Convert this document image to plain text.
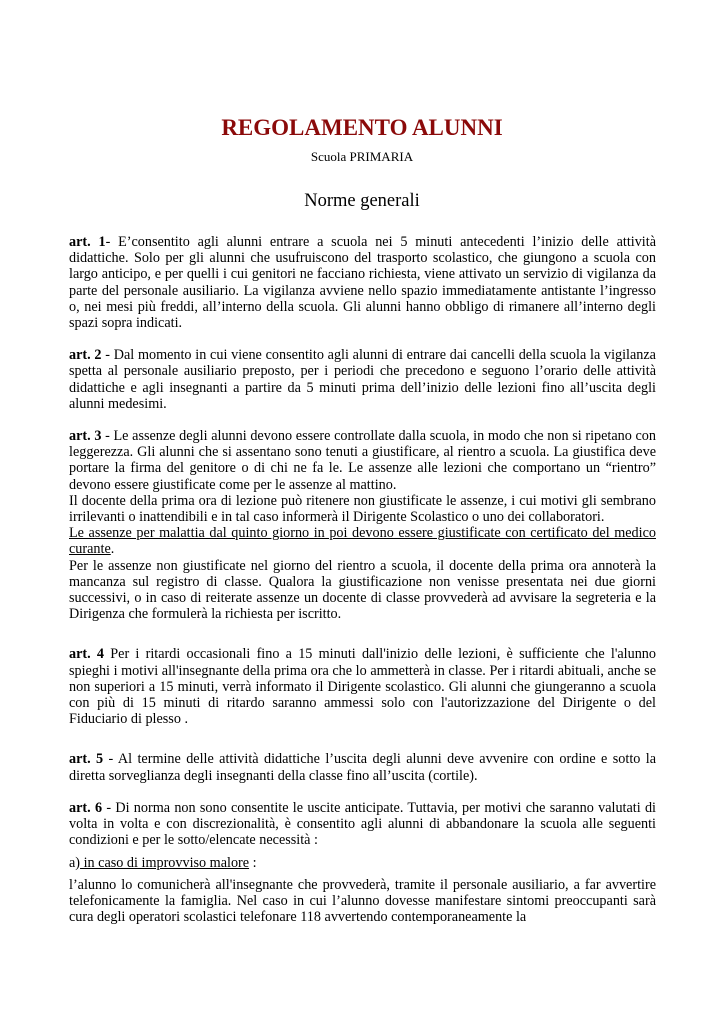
REGOLAMENTO ALUNNI
Scuola PRIMARIA
Norme generali

art. 1- E’consentito agli alunni entrare a scuola nei 5 minuti antecedenti l’inizio delle attività didattiche. Solo per gli alunni che usufruiscono del trasporto scolastico, che giungono a scuola con largo anticipo, e per quelli i cui genitori ne facciano richiesta, viene attivato un servizio di vigilanza da parte del personale ausiliario. La vigilanza avviene nello spazio immediatamente antistante l’ingresso o, nei mesi più freddi, all’interno della scuola. Gli alunni hanno obbligo di rimanere all’interno degli spazi sopra indicati.

art. 2 - Dal momento in cui viene consentito agli alunni di entrare dai cancelli della scuola la vigilanza spetta al personale ausiliario preposto, per i periodi che precedono e seguono l’orario delle attività didattiche e agli insegnanti a partire da 5 minuti prima dell’inizio delle lezioni fino all’uscita degli alunni medesimi.

art. 3 - Le assenze degli alunni devono essere controllate dalla scuola, in modo che non si ripetano con leggerezza. Gli alunni che si assentano sono tenuti a giustificare, al rientro a scuola. La giustifica deve portare la firma del genitore o di chi ne fa le. Le assenze alle lezioni che comportano un “rientro” devono essere giustificate come per le assenze al mattino.

Il docente della prima ora di lezione può ritenere non giustificate le assenze, i cui motivi gli sembrano irrilevanti o inattendibili e in tal caso informerà il Dirigente Scolastico o uno dei collaboratori.

Le assenze per malattia dal quinto giorno in poi devono essere giustificate con certificato del medico curante.

Per le assenze non giustificate nel giorno del rientro a scuola, il docente della prima ora annoterà la mancanza sul registro di classe. Qualora la giustificazione non venisse presentata nei due giorni successivi, o in caso di reiterate assenze un docente di classe provvederà ad avvisare la segreteria e la Dirigenza che formulerà la richiesta per iscritto.

art. 4 Per i ritardi occasionali fino a 15 minuti dall'inizio delle lezioni, è sufficiente che l'alunno spieghi i motivi all'insegnante della prima ora che lo ammetterà in classe. Per i ritardi abituali, anche se non superiori a 15 minuti, verrà informato il Dirigente scolastico. Gli alunni che giungeranno a scuola con più di 15 minuti di ritardo saranno ammessi solo con l'autorizzazione del Dirigente o del Fiduciario di plesso .

art. 5 - Al termine delle attività didattiche l’uscita degli alunni deve avvenire con ordine e sotto la diretta sorveglianza degli insegnanti della classe fino all’uscita (cortile).

art. 6 - Di norma non sono consentite le uscite anticipate. Tuttavia, per motivi che saranno valutati di volta in volta e con discrezionalità, è consentito agli alunni di abbandonare la scuola alle seguenti condizioni e per le sotto/elencate necessità :

a) in caso di improvviso malore :

l’alunno lo comunicherà all'insegnante che provvederà, tramite il personale ausiliario, a far avvertire telefonicamente la famiglia. Nel caso in cui l’alunno dovesse manifestare sintomi preoccupanti sarà cura degli operatori scolastici telefonare 118 avvertendo contemporaneamente la
